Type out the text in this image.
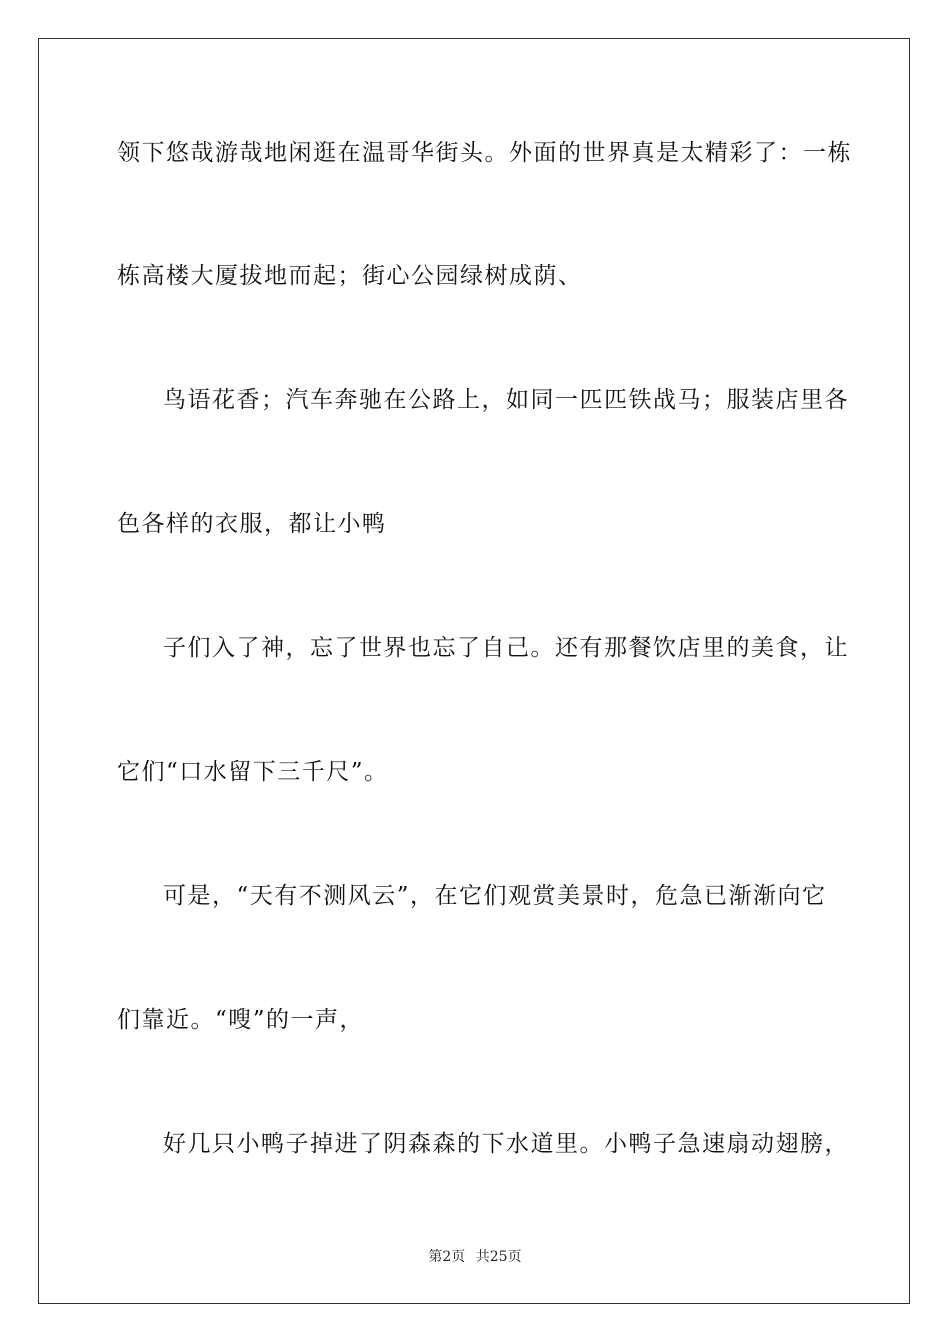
领下悠哉游哉地闲逛在温哥华街头。外面的世界真是太精彩了：一栋
栋高楼大厦拔地而起；街心公园绿树成荫、
鸟语花香；汽车奔驰在公路上，如同一匹匹铁战马；服装店里各
色各样的衣服，都让小鸭
子们入了神，忘了世界也忘了自己。还有那餐饮店里的美食，让
它们“口水留下三千尺”。
可是，“天有不测风云”，在它们观赏美景时，危急已渐渐向它
们靠近。“嗖”的一声，
好几只小鸭子掉进了阴森森的下水道里。小鸭子急速扇动翅膀，
第2页 共25页
